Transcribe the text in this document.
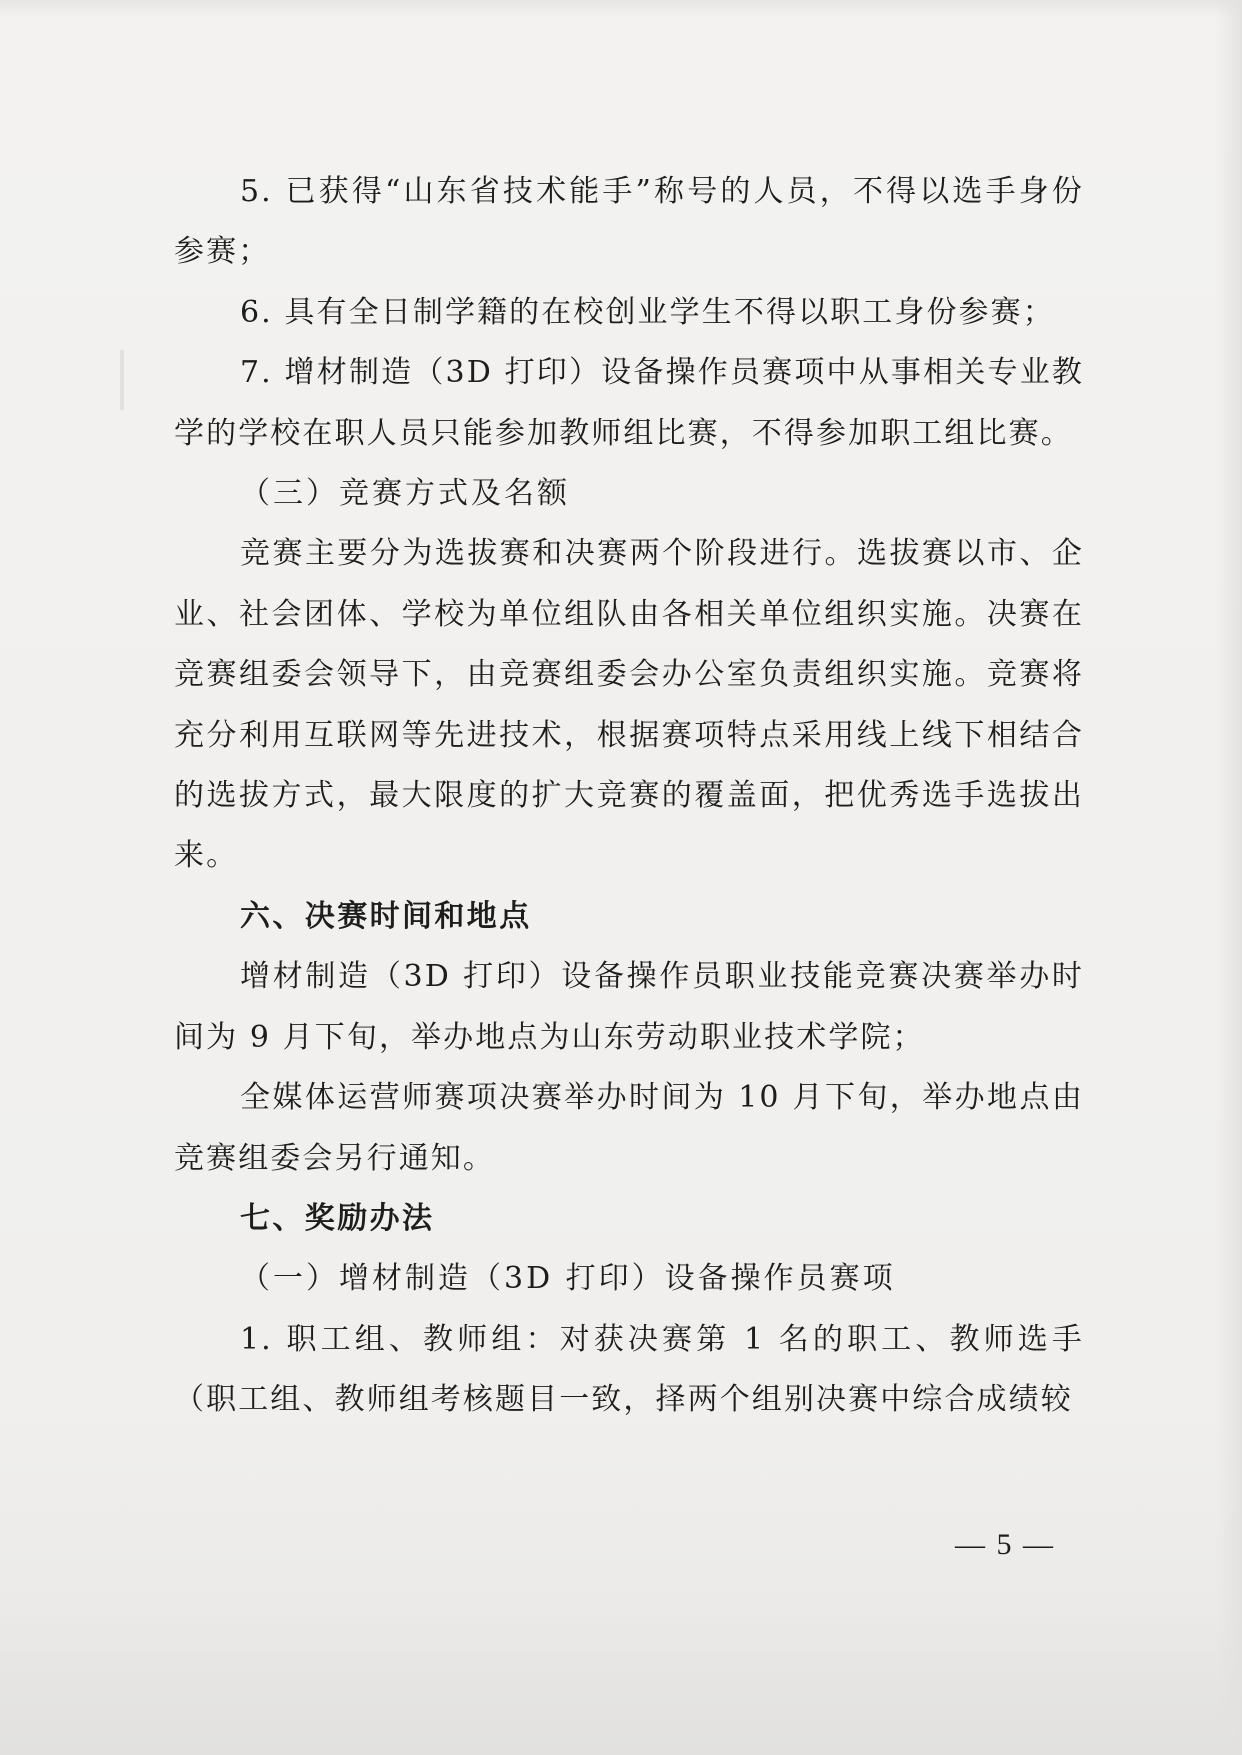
5. 已获得“山东省技术能手”称号的人员，不得以选手身份参赛；

6. 具有全日制学籍的在校创业学生不得以职工身份参赛；

7. 增材制造（3D 打印）设备操作员赛项中从事相关专业教学的学校在职人员只能参加教师组比赛，不得参加职工组比赛。

（三）竞赛方式及名额

竞赛主要分为选拔赛和决赛两个阶段进行。选拔赛以市、企业、社会团体、学校为单位组队由各相关单位组织实施。决赛在竞赛组委会领导下，由竞赛组委会办公室负责组织实施。竞赛将充分利用互联网等先进技术，根据赛项特点采用线上线下相结合的选拔方式，最大限度的扩大竞赛的覆盖面，把优秀选手选拔出来。

六、决赛时间和地点

增材制造（3D 打印）设备操作员职业技能竞赛决赛举办时间为 9 月下旬，举办地点为山东劳动职业技术学院；

全媒体运营师赛项决赛举办时间为 10 月下旬，举办地点由竞赛组委会另行通知。

七、奖励办法

（一）增材制造（3D 打印）设备操作员赛项

1. 职工组、教师组：对获决赛第 1 名的职工、教师选手（职工组、教师组考核题目一致，择两个组别决赛中综合成绩较

— 5 —
